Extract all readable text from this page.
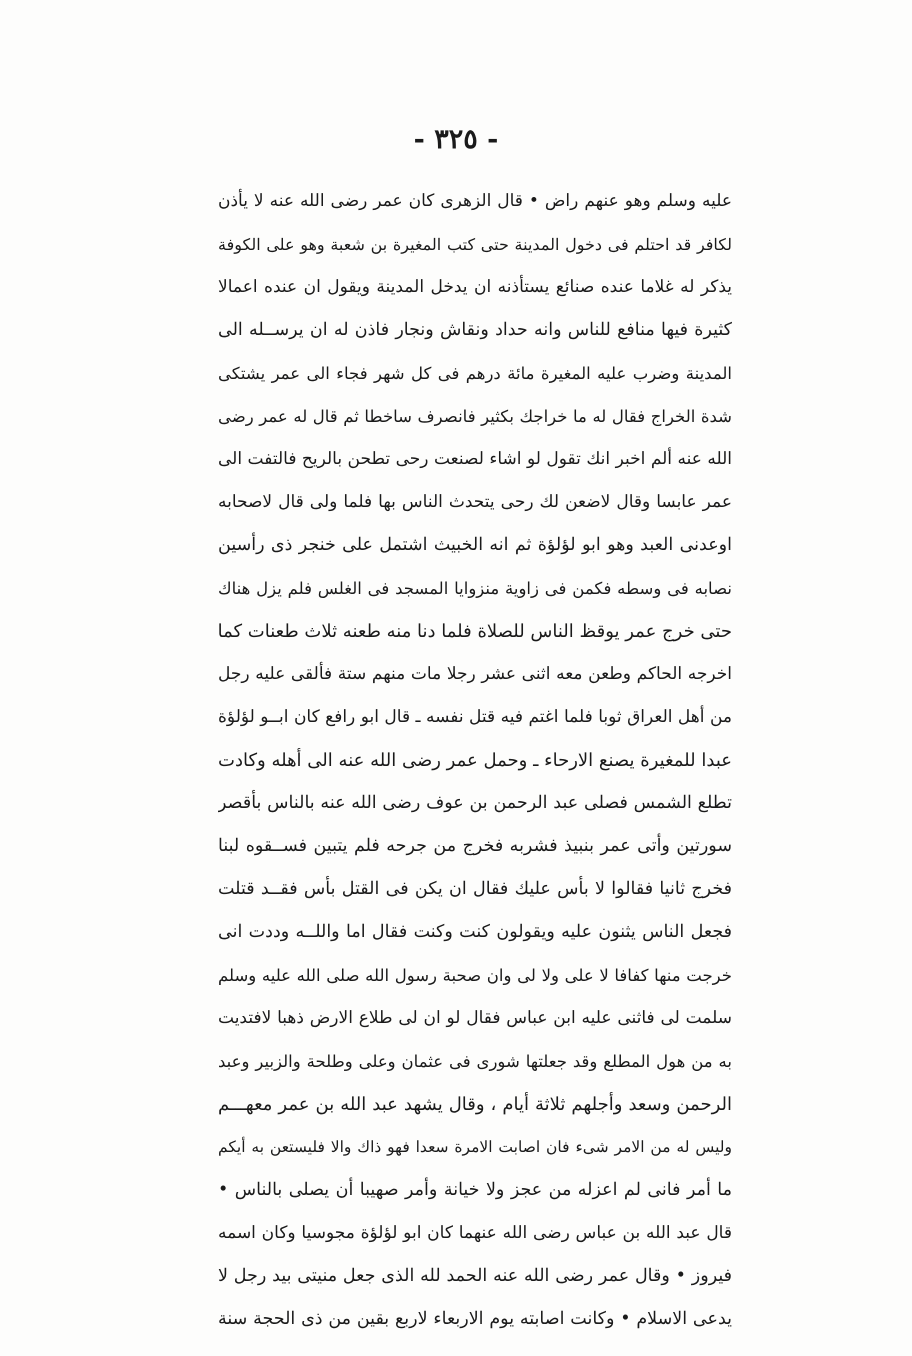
- ٣٢٥ -
عليه وسلم وهو عنهم راض • قال الزهرى كان عمر رضى الله عنه لا يأذن
لكافر قد احتلم فى دخول المدينة حتى كتب المغيرة بن شعبة وهو على الكوفة
يذكر له غلاما عنده صنائع يستأذنه ان يدخل المدينة ويقول ان عنده اعمالا
كثيرة فيها منافع للناس وانه حداد ونقاش ونجار فاذن له ان يرســله الى
المدينة وضرب عليه المغيرة مائة درهم فى كل شهر فجاء الى عمر يشتكى
شدة الخراج فقال له ما خراجك بكثير فانصرف ساخطا ثم قال له عمر رضى
الله عنه ألم اخبر انك تقول لو اشاء لصنعت رحى تطحن بالريح فالتفت الى
عمر عابسا وقال لاضعن لك رحى يتحدث الناس بها فلما ولى قال لاصحابه
اوعدنى العبد وهو ابو لؤلؤة ثم انه الخبيث اشتمل على خنجر ذى رأسين
نصابه فى وسطه فكمن فى زاوية منزوايا المسجد فى الغلس فلم يزل هناك
حتى خرج عمر يوقظ الناس للصلاة فلما دنا منه طعنه ثلاث طعنات كما
اخرجه الحاكم وطعن معه اثنى عشر رجلا مات منهم ستة فألقى عليه رجل
من أهل العراق ثوبا فلما اغتم فيه قتل نفسه ـ قال ابو رافع كان ابــو لؤلؤة
عبدا للمغيرة يصنع الارحاء ـ وحمل عمر رضى الله عنه الى أهله وكادت
تطلع الشمس فصلى عبد الرحمن بن عوف رضى الله عنه بالناس بأقصر
سورتين وأتى عمر بنبيذ فشربه فخرج من جرحه فلم يتبين فســقوه لبنا
فخرج ثانيا فقالوا لا بأس عليك فقال ان يكن فى القتل بأس فقــد قتلت
فجعل الناس يثنون عليه ويقولون كنت وكنت فقال اما واللــه وددت انى
خرجت منها كفافا لا على ولا لى وان صحبة رسول الله صلى الله عليه وسلم
سلمت لى فاثنى عليه ابن عباس فقال لو ان لى طلاع الارض ذهبا لافتديت
به من هول المطلع وقد جعلتها شورى فى عثمان وعلى وطلحة والزبير وعبد
الرحمن وسعد وأجلهم ثلاثة أيام ، وقال يشهد عبد الله بن عمر معهـــم
وليس له من الامر شىء فان اصابت الامرة سعدا فهو ذاك والا فليستعن به أيكم
ما أمر فانى لم اعزله من عجز ولا خيانة وأمر صهيبا أن يصلى بالناس •
قال عبد الله بن عباس رضى الله عنهما كان ابو لؤلؤة مجوسيا وكان اسمه
فيروز • وقال عمر رضى الله عنه الحمد لله الذى جعل منيتى بيد رجل لا
يدعى الاسلام • وكانت اصابته يوم الاربعاء لاربع بقين من ذى الحجة سنة
